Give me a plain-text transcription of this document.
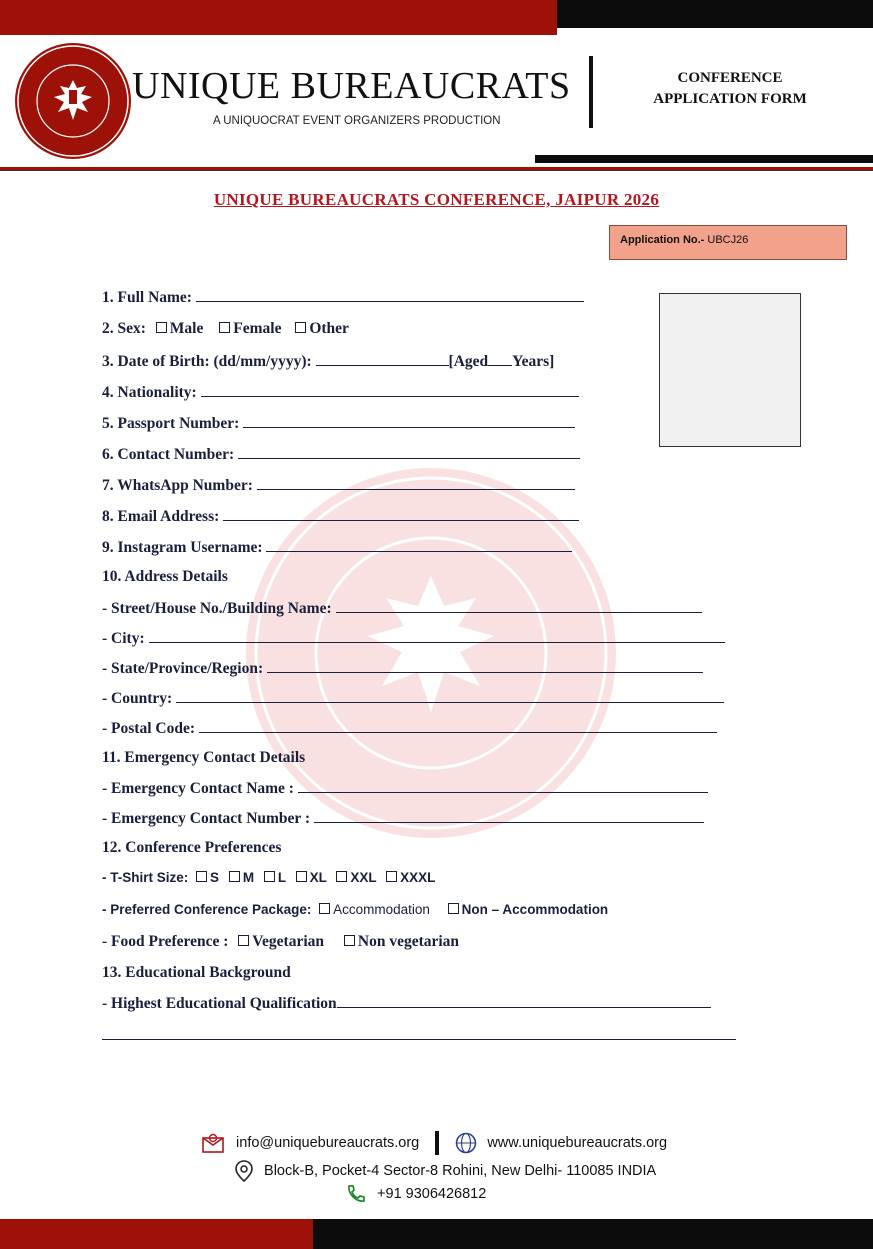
UNIQUE BUREAUCRATS
A UNIQUOCRAT EVENT ORGANIZERS PRODUCTION
CONFERENCE
APPLICATION FORM
UNIQUE BUREAUCRATS CONFERENCE, JAIPUR 2026
Application No.- UBCJ26
1. Full Name:
2. Sex: Male Female Other
3. Date of Birth: (dd/mm/yyyy):	[Aged Years]
4. Nationality:
5. Passport Number:
6. Contact Number:
7. WhatsApp Number:
8. Email Address:
9. Instagram Username:
10. Address Details
- Street/House No./Building Name:
- City:
- State/Province/Region:
- Country:
- Postal Code:
11. Emergency Contact Details
- Emergency Contact Name :
- Emergency Contact Number :
12. Conference Preferences
- T-Shirt Size: S M L XL XXL XXXL
- Preferred Conference Package: Accommodation Non – Accommodation
- Food Preference : Vegetarian Non vegetarian
13. Educational Background
- Highest Educational Qualification
info@uniquebureaucrats.org	www.uniquebureaucrats.org
Block-B, Pocket-4 Sector-8 Rohini, New Delhi- 110085 INDIA
+91 9306426812
